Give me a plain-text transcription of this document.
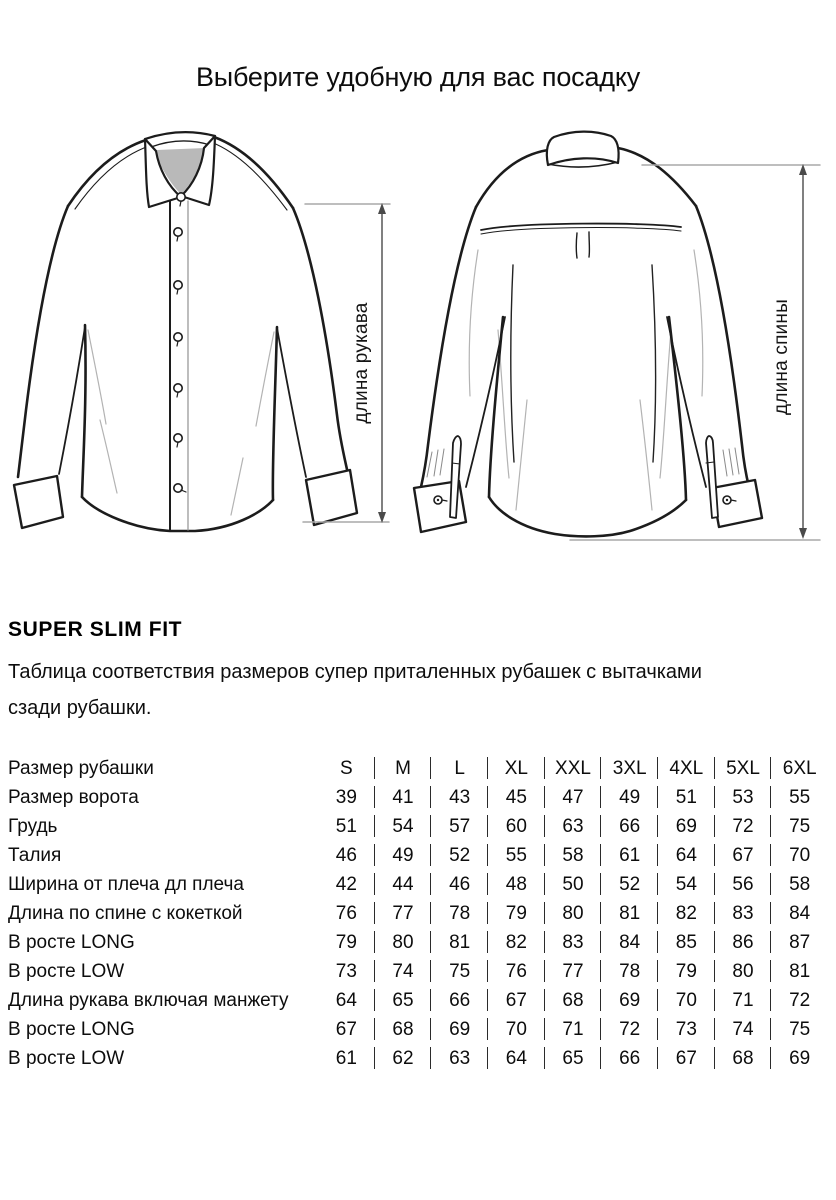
Выберите удобную для вас посадку
длина рукава	длина спины
SUPER SLIM FIT

Таблица соответствия размеров супер приталенных рубашек с вытачками
сзади рубашки.

Размер рубашки	S	M	L	XL	XXL	3XL	4XL	5XL	6XL
Размер ворота	39	41	43	45	47	49	51	53	55
Грудь	51	54	57	60	63	66	69	72	75
Талия	46	49	52	55	58	61	64	67	70
Ширина от плеча дл плеча	42	44	46	48	50	52	54	56	58
Длина по спине с кокеткой	76	77	78	79	80	81	82	83	84
В росте LONG	79	80	81	82	83	84	85	86	87
В росте LOW	73	74	75	76	77	78	79	80	81
Длина рукава включая манжету	64	65	66	67	68	69	70	71	72
В росте LONG	67	68	69	70	71	72	73	74	75
В росте LOW	61	62	63	64	65	66	67	68	69
